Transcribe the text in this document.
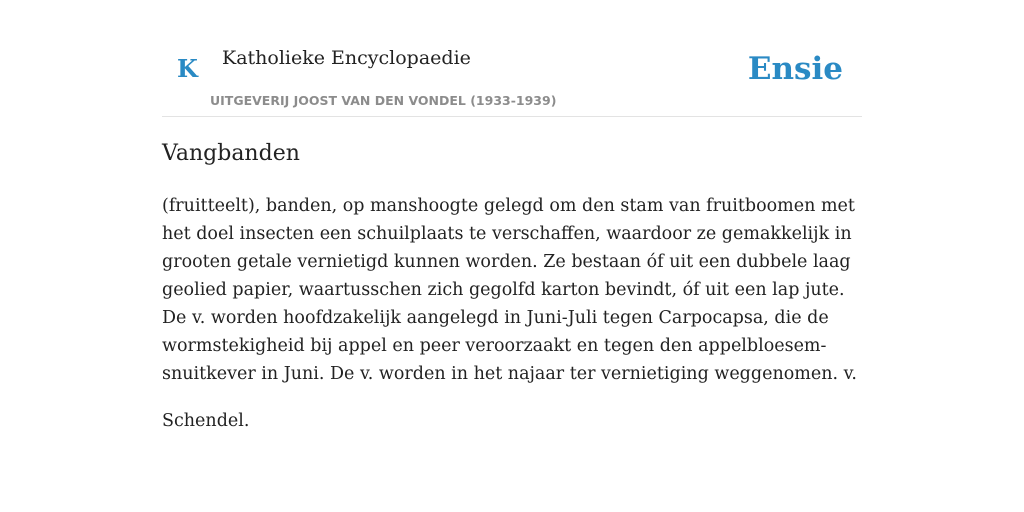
K Katholieke Encyclopaedie
UITGEVERIJ JOOST VAN DEN VONDEL (1933-1939)
Ensie
Vangbanden

(fruitteelt), banden, op manshoogte gelegd om den stam van fruitboomen met het doel insecten een schuilplaats te verschaffen, waardoor ze gemakkelijk in grooten getale vernietigd kunnen worden. Ze bestaan óf uit een dubbele laag geolied papier, waartusschen zich gegolfd karton bevindt, óf uit een lap jute. De v. worden hoofdzakelijk aangelegd in Juni-Juli tegen Carpocapsa, die de wormstekigheid bij appel en peer veroorzaakt en tegen den appelbloesem-snuitkever in Juni. De v. worden in het najaar ter vernietiging weggenomen. v.

Schendel.
